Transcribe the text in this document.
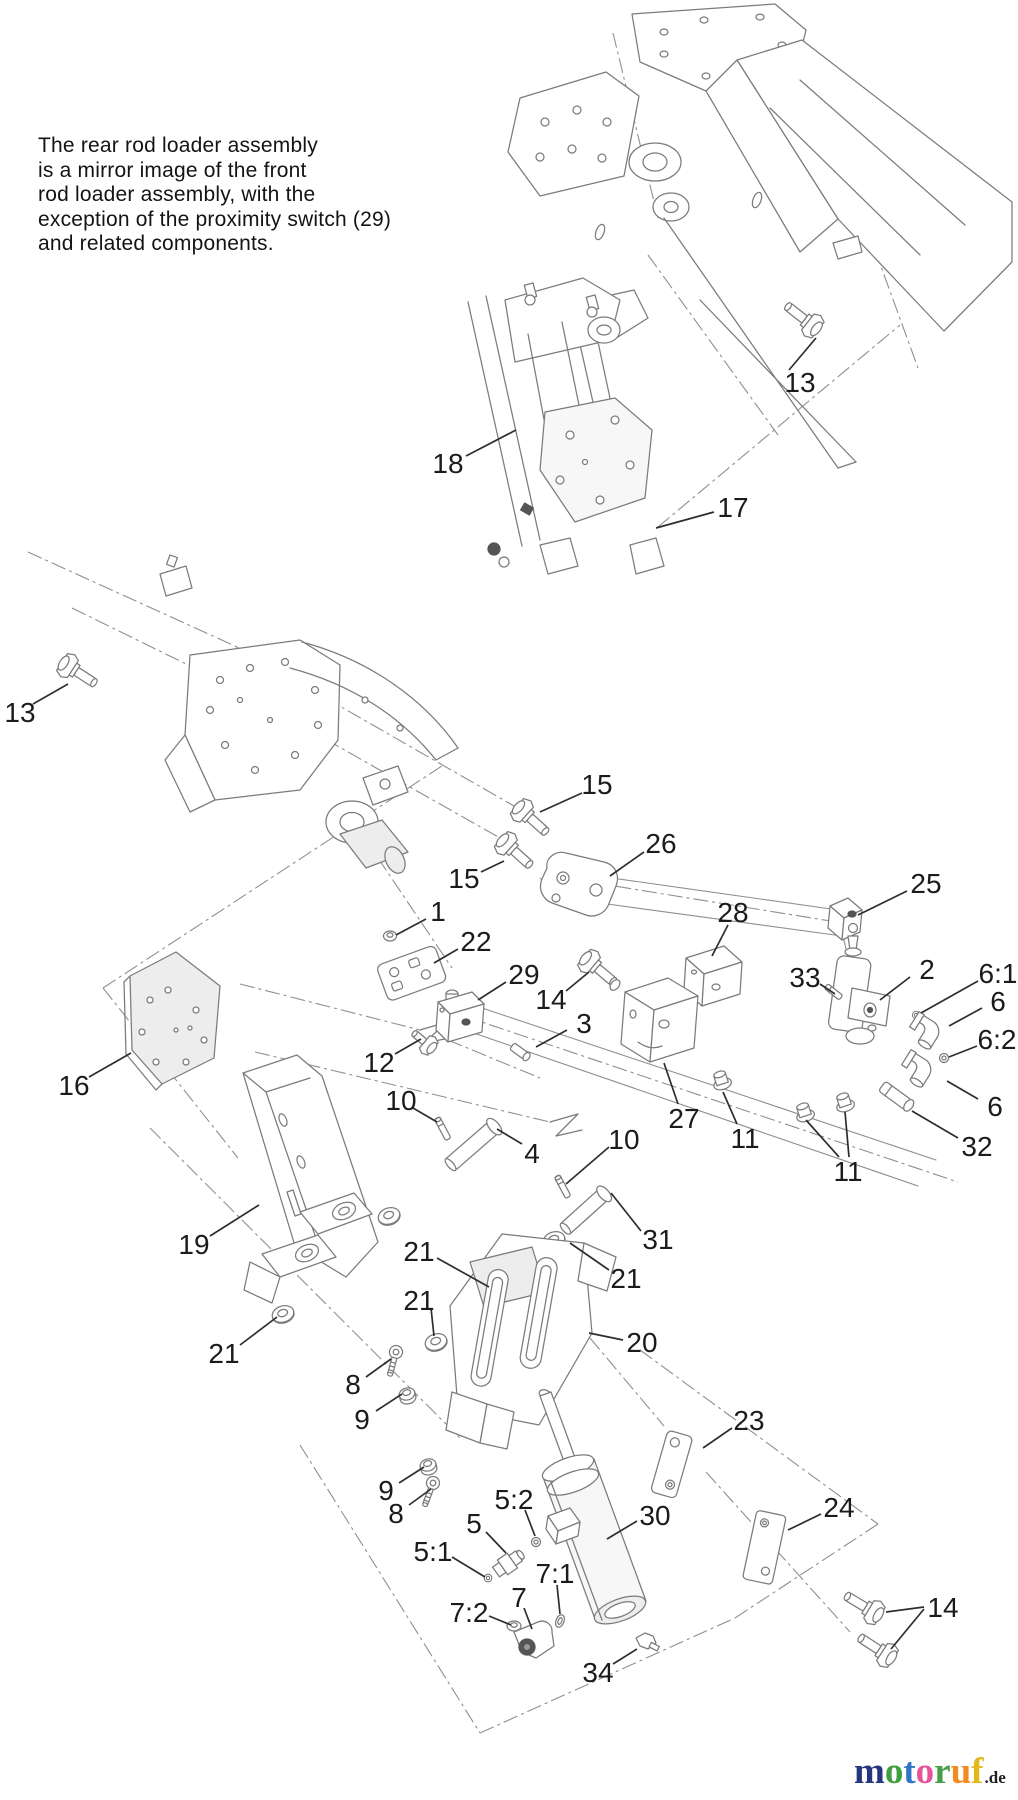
13
18
17
13
15
26
15
1
22
29
14
3
25
28
33	2 6:1
6
6:2
6
32
16
12
10
4 10
27
11
11
19	31
21
21
21
20
21
8
9
9
8	5:2
5
5:1
7:1
7
7:2
30
34
23
24
14
The rear rod loader assembly
is a mirror image of the front
rod loader assembly, with the
exception of the proximity switch (29)
and related components.
motoruf.de
